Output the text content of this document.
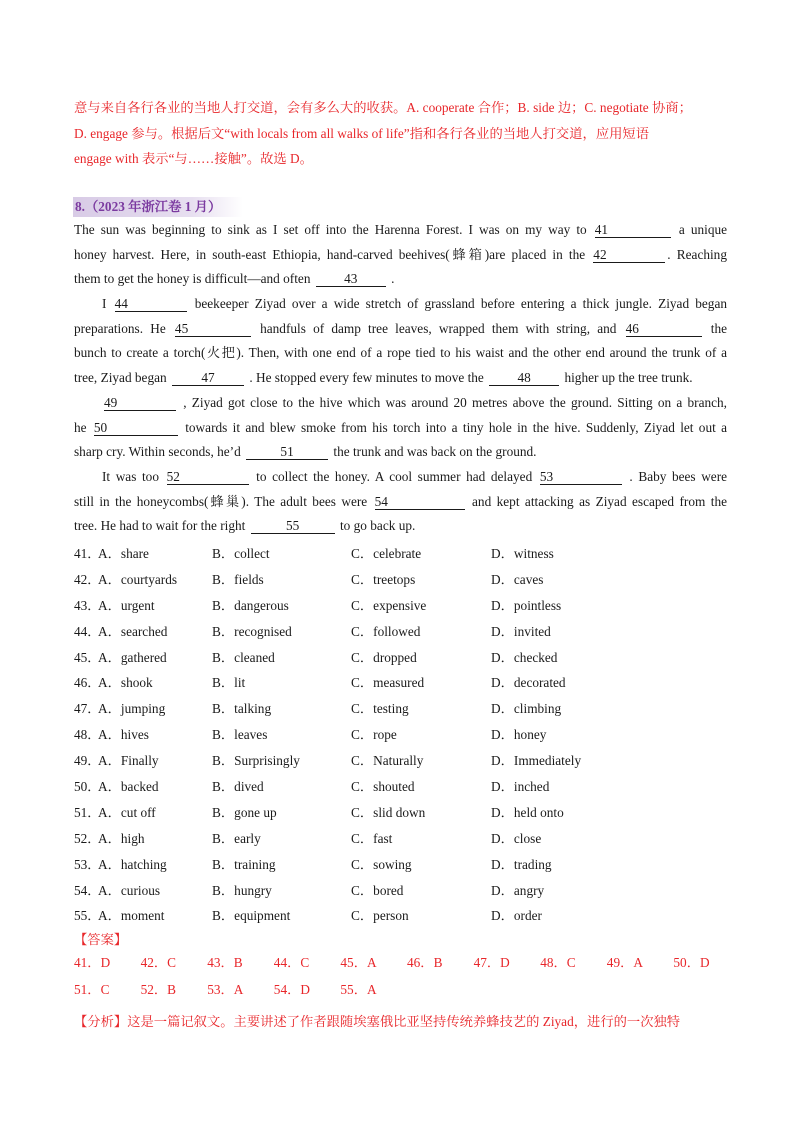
意与来自各行各业的当地人打交道，会有多么大的收获。A. cooperate 合作；B. side 边；C. negotiate 协商；
D. engage 参与。根据后文“with locals from all walks of life”指和各行各业的当地人打交道，应用短语
engage with 表示“与……接触”。故选 D。
8.（2023 年浙江卷 1 月）
The sun was beginning to sink as I set off into the Harenna Forest. I was on my way to 41	a unique
honey harvest. Here, in south-east Ethiopia, hand-carved beehives(蜂箱)are placed in the 42	. Reaching
them to get the honey is difficult—and often	43	.
I 44	beekeeper Ziyad over a wide stretch of grassland before entering a thick jungle. Ziyad began
preparations. He 45	handfuls of damp tree leaves, wrapped them with string, and 46	the
bunch to create a torch(火把). Then, with one end of a rope tied to his waist and the other end around the trunk of a
tree, Ziyad began	47	. He stopped every few minutes to move the	48	higher up the tree trunk.
49	, Ziyad got close to the hive which was around 20 metres above the ground. Sitting on a branch,
he 50	towards it and blew smoke from his torch into a tiny hole in the hive. Suddenly, Ziyad let out a
sharp cry. Within seconds, he’d	51	the trunk and was back on the ground.
It was too 52	to collect the honey. A cool summer had delayed 53	. Baby bees were
still in the honeycombs(蜂巢). The adult bees were 54	and kept attacking as Ziyad escaped from the
tree. He had to wait for the right	55	to go back up.
41．
A．share	B．collect	C．celebrate	D．witness
42．
A．courtyards	B．fields	C．treetops	D．caves
43．
A．urgent	B．dangerous	C．expensive	D．pointless
44．
A．searched	B．recognised	C．followed	D．invited
45．
A．gathered	B．cleaned	C．dropped	D．checked
46．
A．shook	B．lit	C．measured	D．decorated
47．
A．jumping	B．talking	C．testing	D．climbing
48．
A．hives	B．leaves	C．rope	D．honey
49．
A．Finally	B．Surprisingly	C．Naturally	D．Immediately
50．
A．backed	B．dived	C．shouted	D．inched
51．
A．cut off	B．gone up	C．slid down	D．held onto
52．
A．high	B．early	C．fast	D．close
53．
A．hatching	B．training	C．sowing	D．trading
54．
A．curious	B．hungry	C．bored	D．angry
55．
A．moment	B．equipment	C．person	D．order
【答案】
41．D 42．C 43．B 44．C 45．A 46．B 47．D 48．C 49．A 50．D
51．C 52．B 53．A 54．D 55．A
【分析】这是一篇记叙文。主要讲述了作者跟随埃塞俄比亚坚持传统养蜂技艺的 Ziyad，进行的一次独特
